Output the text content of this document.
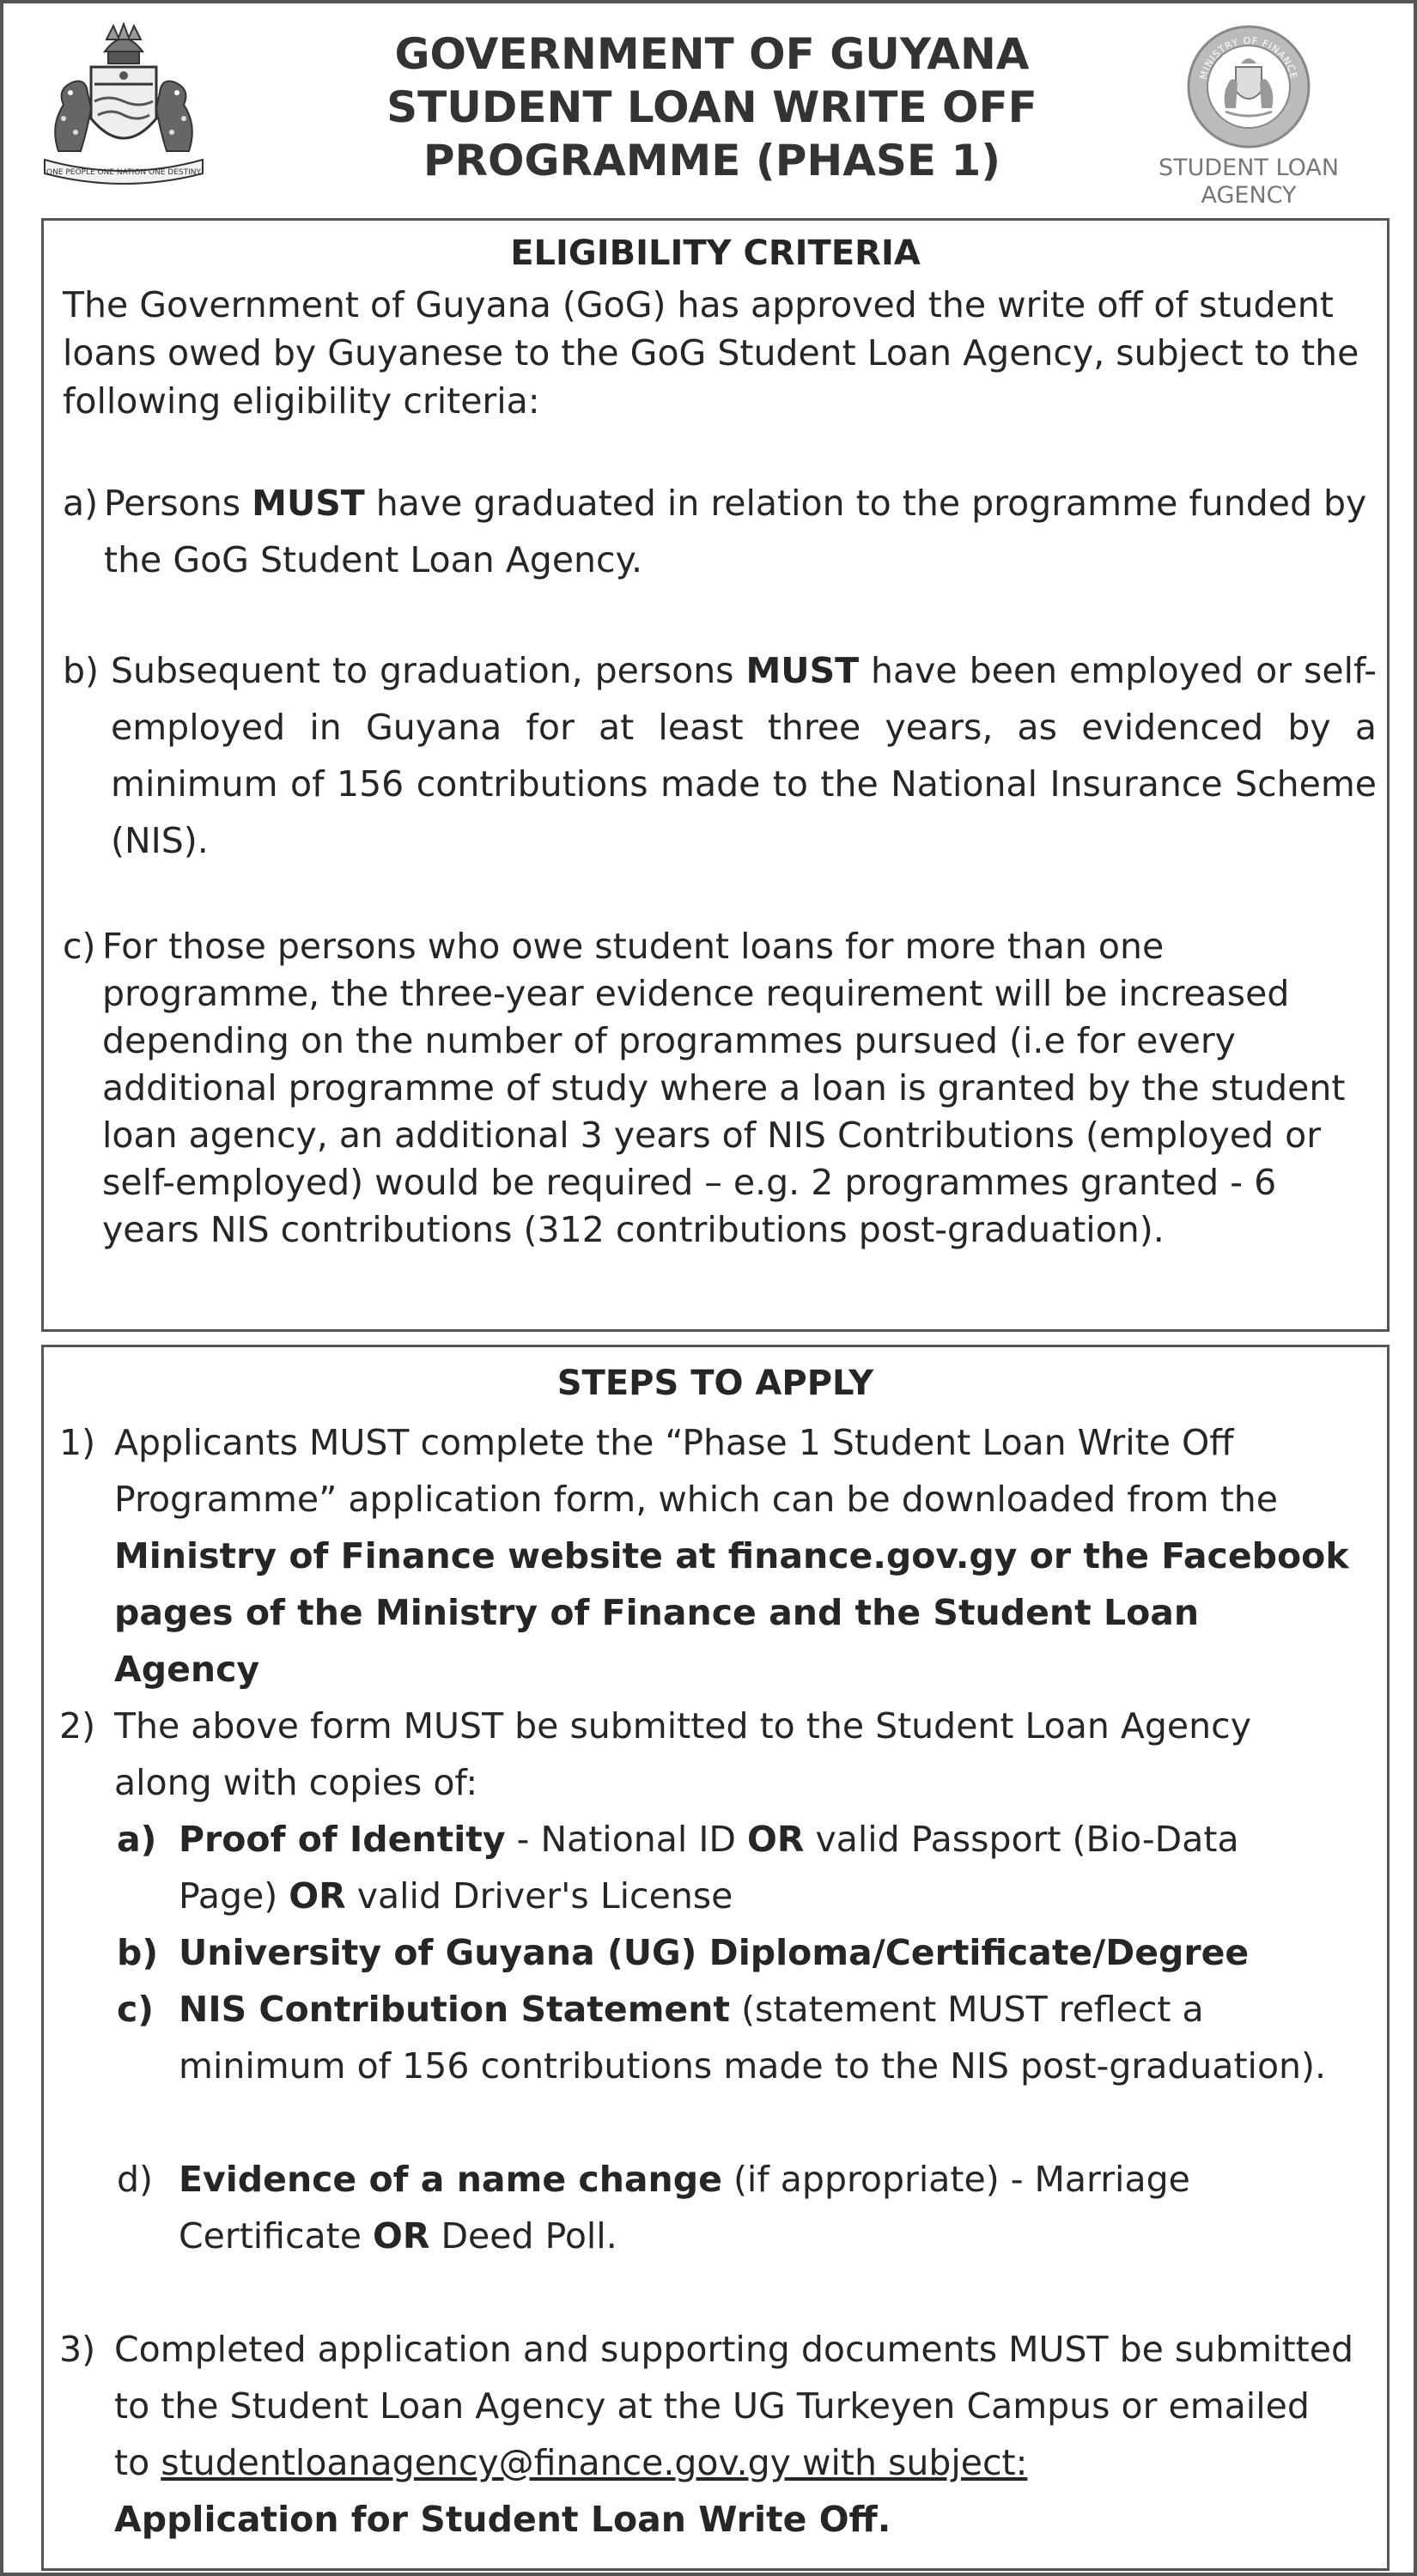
ONE PEOPLE ONE NATION ONE DESTINY
GOVERNMENT OF GUYANA
STUDENT LOAN WRITE OFF
PROGRAMME (PHASE 1)
MINISTRY OF FINANCE
STUDENT LOAN
AGENCY
ELIGIBILITY CRITERIA

The Government of Guyana (GoG) has approved the write off of student loans owed by Guyanese to the GoG Student Loan Agency, subject to the following eligibility criteria:

a) Persons MUST have graduated in relation to the programme funded by the GoG Student Loan Agency.
b) Subsequent to graduation, persons MUST have been employed or self-employed in Guyana for at least three years, as evidenced by a minimum of 156 contributions made to the National Insurance Scheme (NIS).
c) For those persons who owe student loans for more than one programme, the three-year evidence requirement will be increased depending on the number of programmes pursued (i.e for every additional programme of study where a loan is granted by the student loan agency, an additional 3 years of NIS Contributions (employed or self-employed) would be required – e.g. 2 programmes granted - 6 years NIS contributions (312 contributions post-graduation).
STEPS TO APPLY
1) Applicants MUST complete the “Phase 1 Student Loan Write Off Programme” application form, which can be downloaded from the Ministry of Finance website at finance.gov.gy or the Facebook pages of the Ministry of Finance and the Student Loan Agency
2) The above form MUST be submitted to the Student Loan Agency along with copies of:
a) Proof of Identity - National ID OR valid Passport (Bio-Data Page) OR valid Driver's License
b) University of Guyana (UG) Diploma/Certificate/Degree
c) NIS Contribution Statement (statement MUST reflect a minimum of 156 contributions made to the NIS post-graduation).
d) Evidence of a name change (if appropriate) - Marriage Certificate OR Deed Poll.
3) Completed application and supporting documents MUST be submitted to the Student Loan Agency at the UG Turkeyen Campus or emailed to studentloanagency@finance.gov.gy with subject:
Application for Student Loan Write Off.
